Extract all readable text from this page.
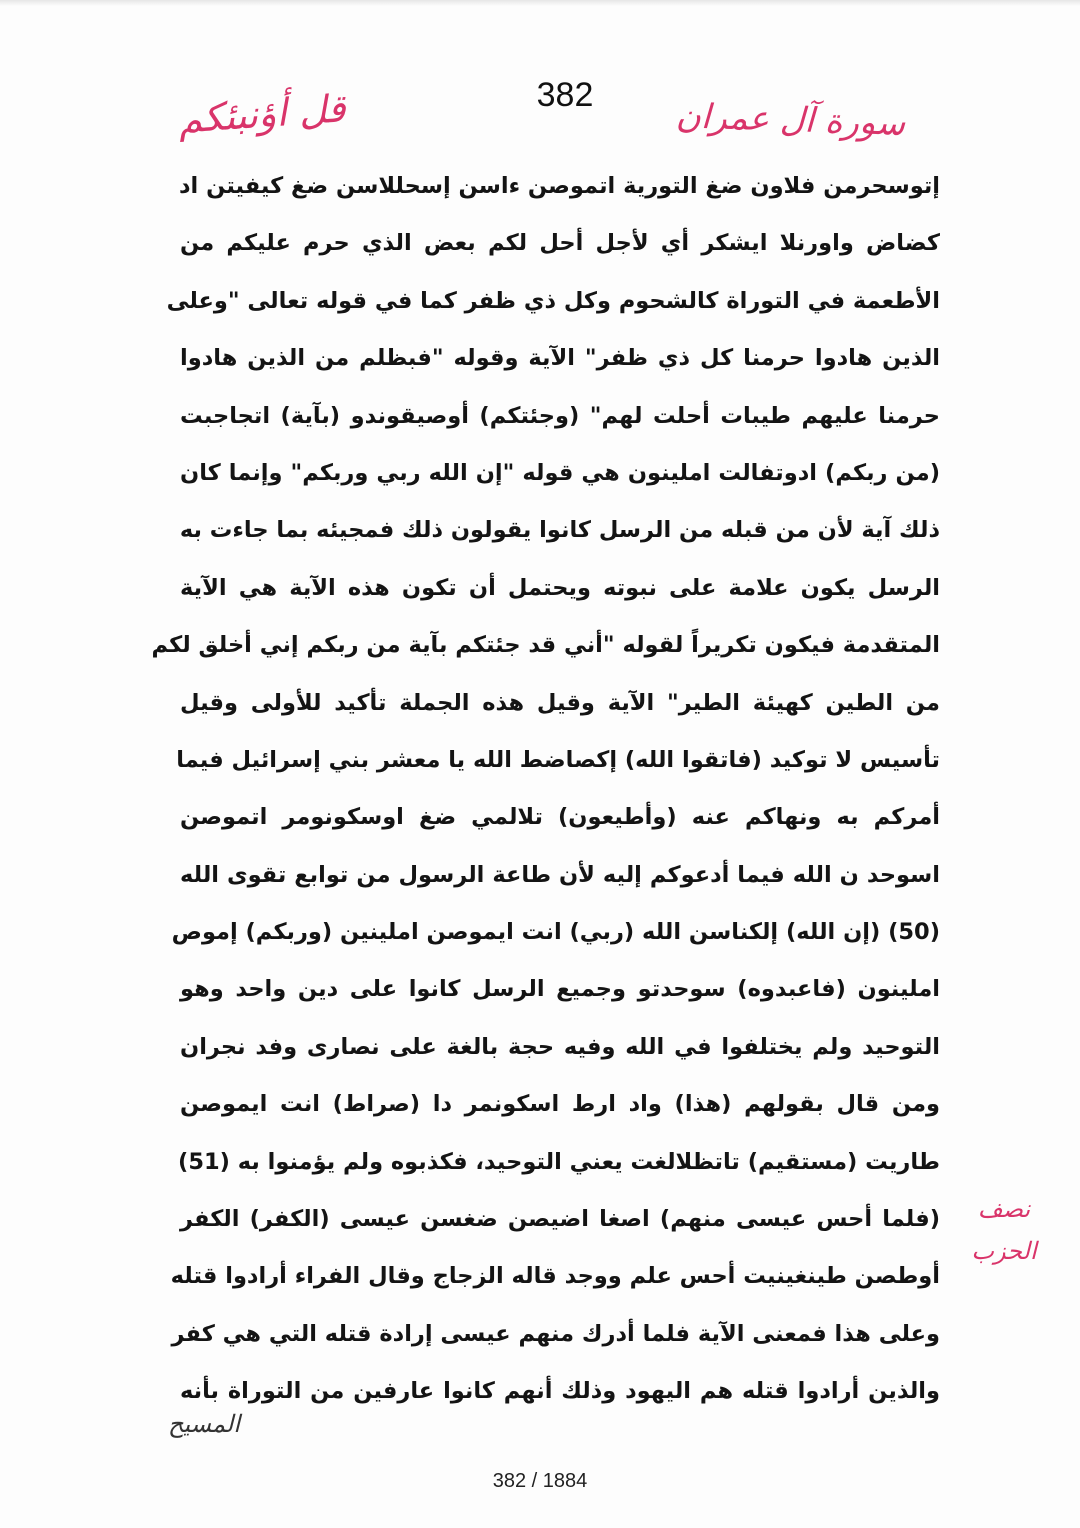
382
قل أؤنبئكم	سورة آل عمران
إتوسحرمن فلاون ضغ التورية اتموصن ءاسن إسحللاسن ضغ كيفيتن اد
كضاض واورنلا ايشكر أي لأجل أحل لكم بعض الذي حرم عليكم من
الأطعمة في التوراة كالشحوم وكل ذي ظفر كما في قوله تعالى "وعلى
الذين هادوا حرمنا كل ذي ظفر" الآية وقوله "فبظلم من الذين هادوا
حرمنا عليهم طيبات أحلت لهم" (وجئتكم) أوصيقوندو (بآية) اتجاجبت
(من ربكم) ادوتفالت املينون هي قوله "إن الله ربي وربكم" وإنما كان
ذلك آية لأن من قبله من الرسل كانوا يقولون ذلك فمجيئه بما جاءت به
الرسل يكون علامة على نبوته ويحتمل أن تكون هذه الآية هي الآية
المتقدمة فيكون تكريراً لقوله "أني قد جئتكم بآية من ربكم إني أخلق لكم
من الطين كهيئة الطير" الآية وقيل هذه الجملة تأكيد للأولى وقيل
تأسيس لا توكيد (فاتقوا الله) إكصاضط الله يا معشر بني إسرائيل فيما
أمركم به ونهاكم عنه (وأطيعون) تلالمي ضغ اوسكونومر اتموصن
اسوحد ن الله فيما أدعوكم إليه لأن طاعة الرسول من توابع تقوى الله
(50) (إن الله) إلكناسن الله (ربي) انت ايموصن املينين (وربكم) إموص
املينون (فاعبدوه) سوحدتو وجميع الرسل كانوا على دين واحد وهو
التوحيد ولم يختلفوا في الله وفيه حجة بالغة على نصارى وفد نجران
ومن قال بقولهم (هذا) واد ارط اسكونمر دا (صراط) انت ايموصن
طاريت (مستقيم) تاتظلالغت يعني التوحيد، فكذبوه ولم يؤمنوا به (51)
(فلما أحس عيسى منهم) اصغا اضيصن ضغسن عيسى (الكفر) الكفر
أوطصن طينغينيت أحس علم ووجد قاله الزجاج وقال الفراء أرادوا قتله
وعلى هذا فمعنى الآية فلما أدرك منهم عيسى إرادة قتله التي هي كفر
والذين أرادوا قتله هم اليهود وذلك أنهم كانوا عارفين من التوراة بأنه
نصف الحزب
المسيح
382 / 1884
